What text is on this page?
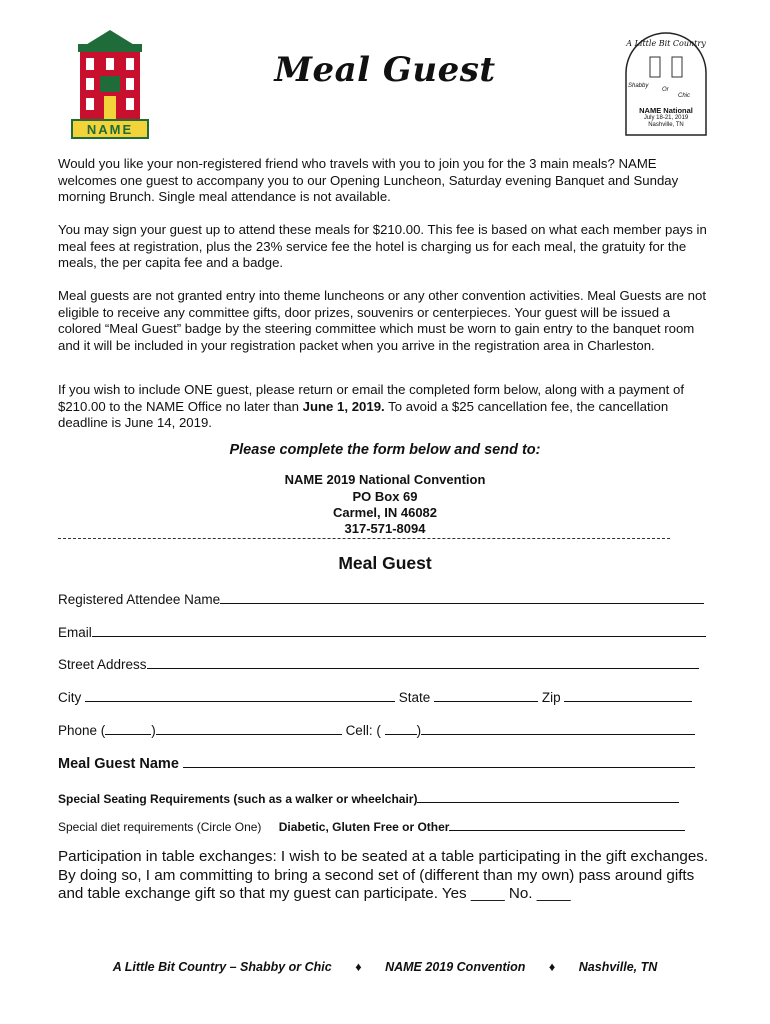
NAME
Meal Guest
A Little Bit Country
Shabby
Or
Chic
NAME National
July 18-21, 2019
Nashville, TN

Would you like your non-registered friend who travels with you to join you for the 3 main meals? NAME welcomes one guest to accompany you to our Opening Luncheon, Saturday evening Banquet and Sunday morning Brunch. Single meal attendance is not available.

You may sign your guest up to attend these meals for $210.00. This fee is based on what each member pays in meal fees at registration, plus the 23% service fee the hotel is charging us for each meal, the gratuity for the meals, the per capita fee and a badge.

Meal guests are not granted entry into theme luncheons or any other convention activities. Meal Guests are not eligible to receive any committee gifts, door prizes, souvenirs or centerpieces. Your guest will be issued a colored “Meal Guest” badge by the steering committee which must be worn to gain entry to the banquet room and it will be included in your registration packet when you arrive in the registration area in Charleston.

If you wish to include ONE guest, please return or email the completed form below, along with a payment of $210.00 to the NAME Office no later than June 1, 2019. To avoid a $25 cancellation fee, the cancellation deadline is June 14, 2019.

Please complete the form below and send to:
NAME 2019 National Convention
PO Box 69
Carmel, IN 46082
317-571-8094
Meal Guest
Registered Attendee Name
Email
Street Address
City	State	Zip
Phone (	)	Cell: (	)
Meal Guest Name
Special Seating Requirements (such as a walker or wheelchair)
Special diet requirements (Circle One) Diabetic, Gluten Free or Other

Participation in table exchanges: I wish to be seated at a table participating in the gift exchanges. By doing so, I am committing to bring a second set of (different than my own) pass around gifts and table exchange gift so that my guest can participate. Yes ____ No. ____

A Little Bit Country – Shabby or Chic ♦ NAME 2019 Convention ♦ Nashville, TN
